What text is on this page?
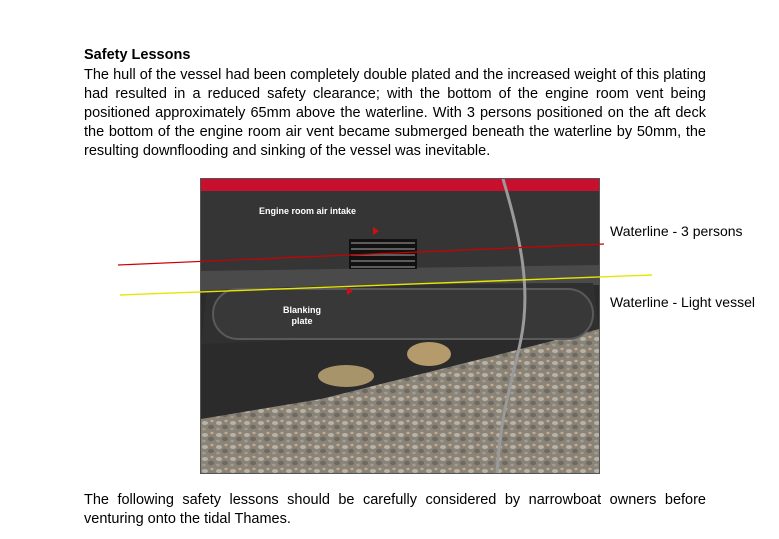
Safety Lessons
The hull of the vessel had been completely double plated and the increased weight of this plating had resulted in a reduced safety clearance; with the bottom of the engine room vent being positioned approximately 65mm above the waterline. With 3 persons positioned on the aft deck the bottom of the engine room air vent became submerged beneath the waterline by 50mm, the resulting downflooding and sinking of the vessel was inevitable.
Engine room air intake
Blanking
plate
Waterline - 3 persons
Waterline - Light vessel
The following safety lessons should be carefully considered by narrowboat owners before venturing onto the tidal Thames.
